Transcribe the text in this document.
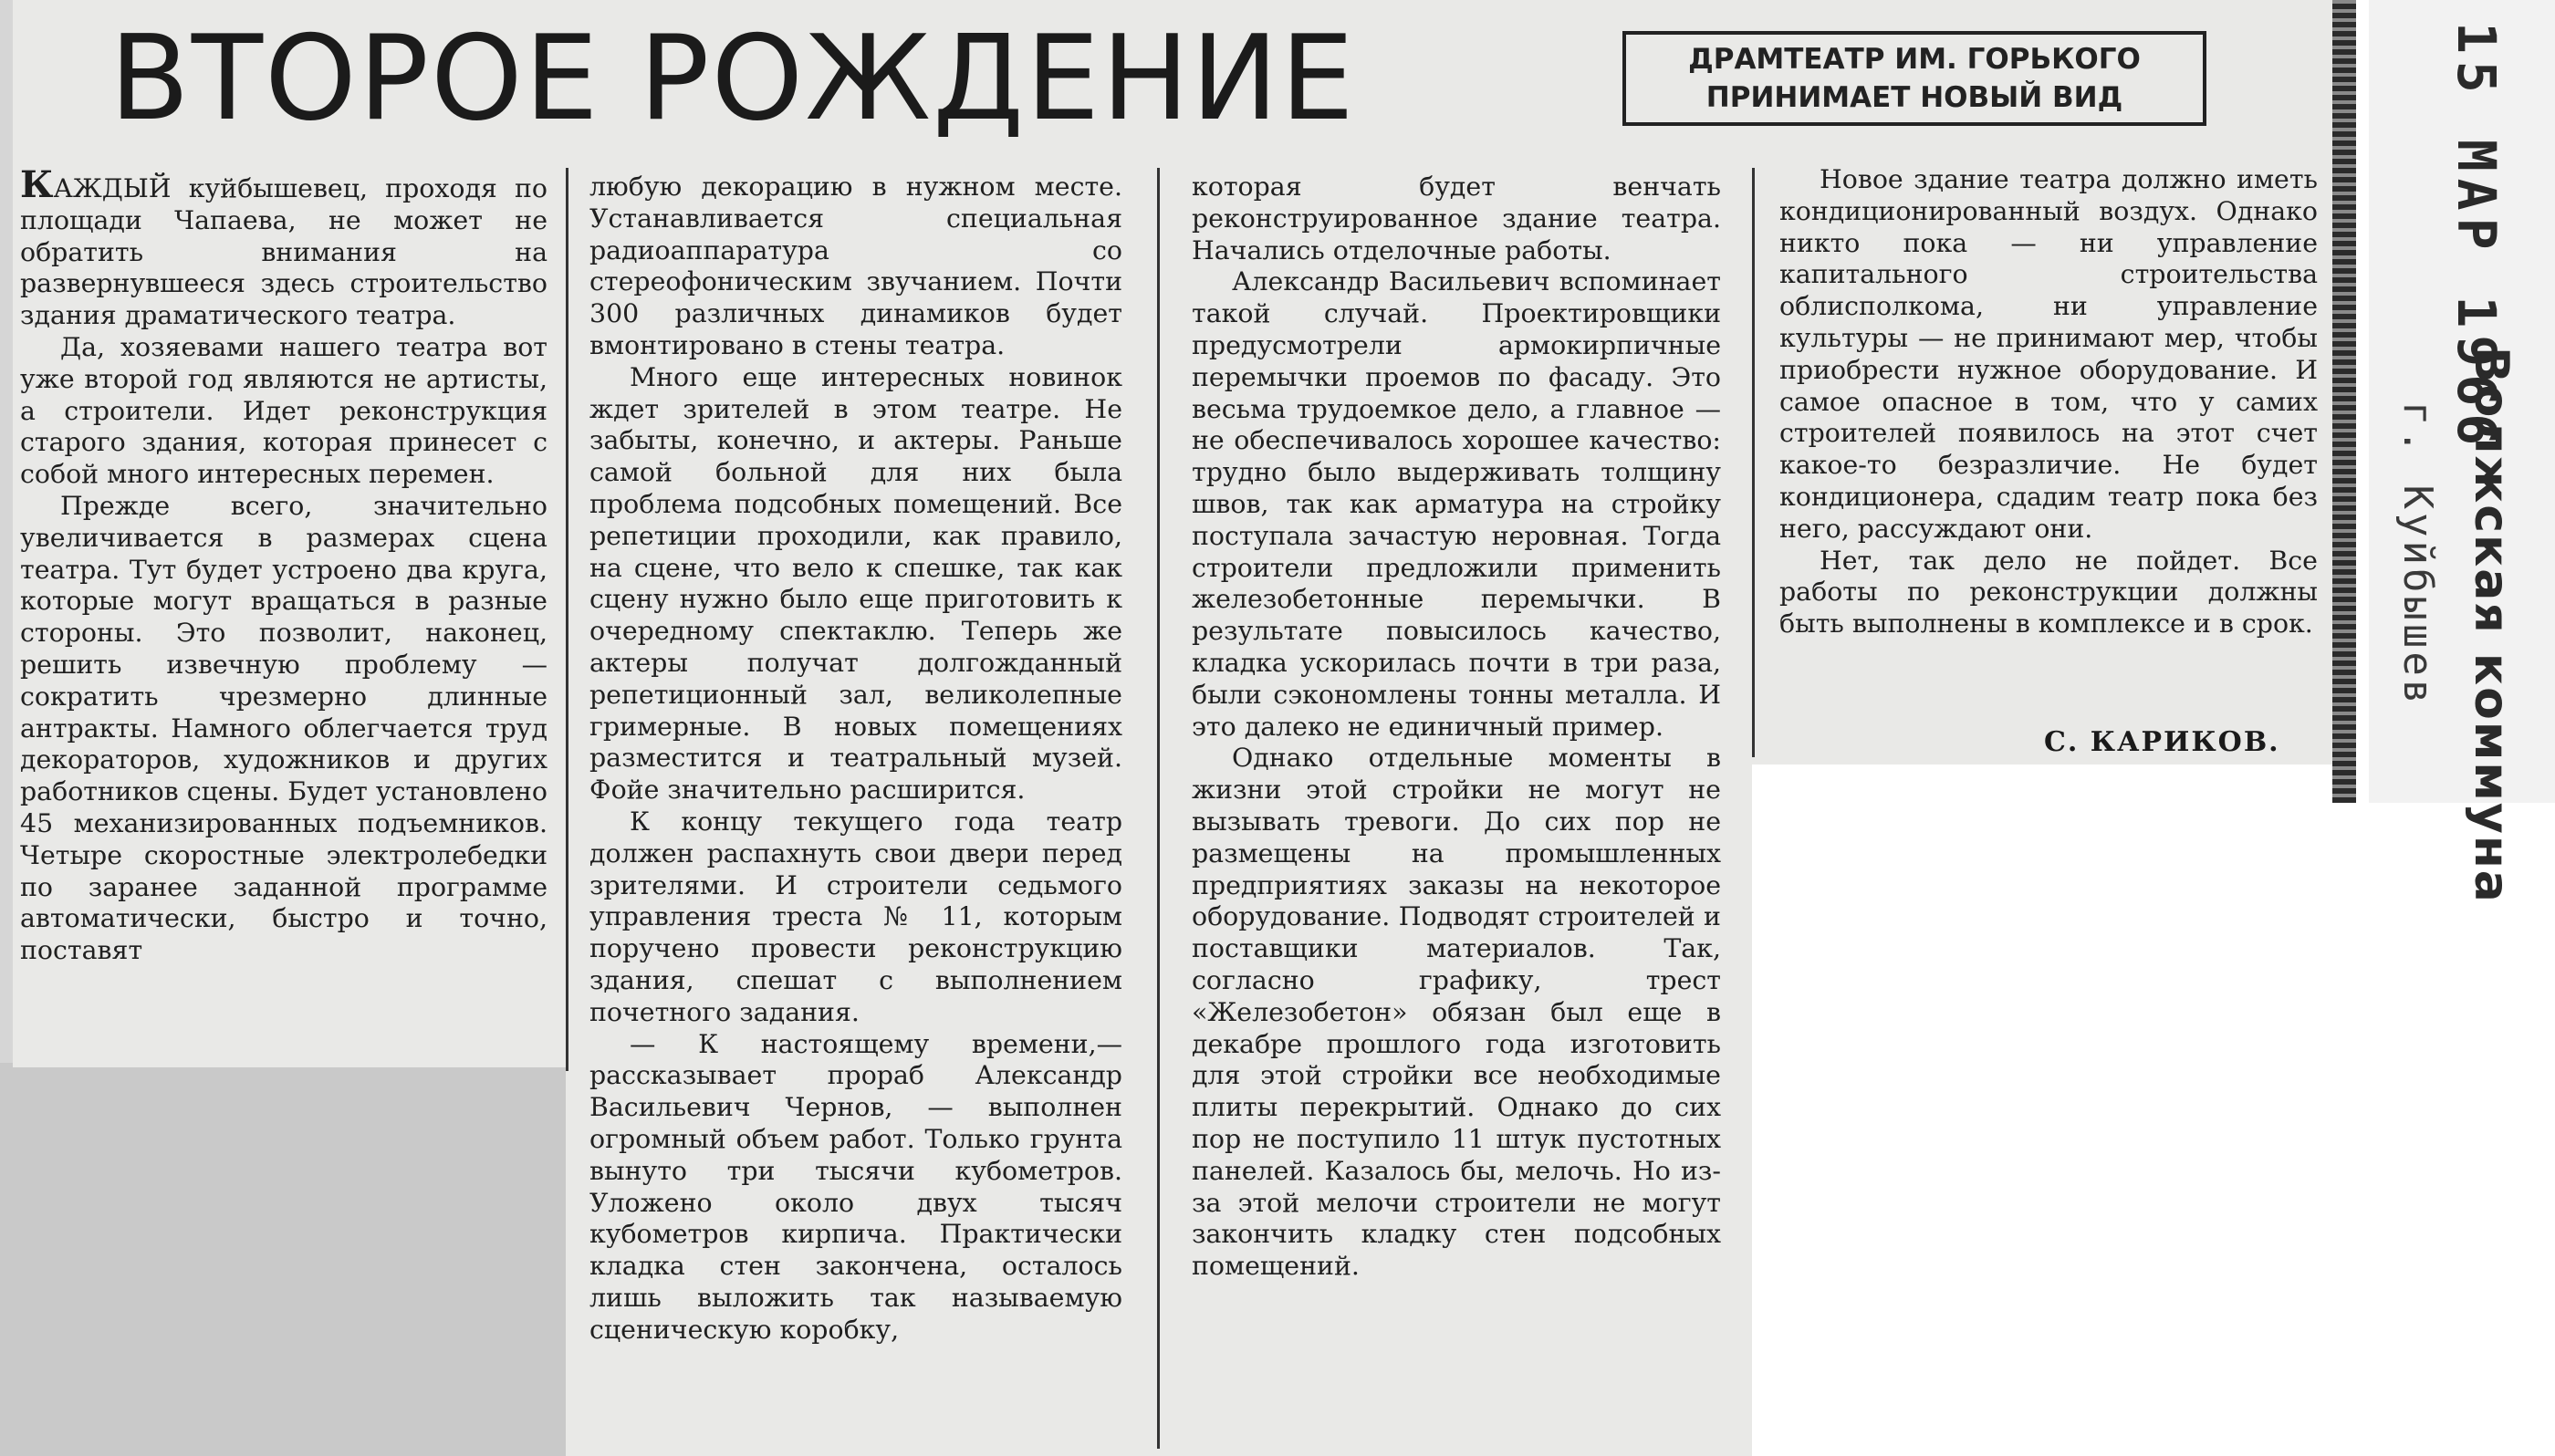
ВТОРОЕ РОЖДЕНИЕ	ДРАМТЕАТР ИМ. ГОРЬКОГО
ПРИНИМАЕТ НОВЫЙ ВИД

КАЖДЫЙ куйбышевец, проходя по площади Чапаева, не может не обратить внимания на развернувшееся здесь строительство здания драматического театра.

Да, хозяевами нашего театра вот уже второй год являются не артисты, а строители. Идет реконструкция старого здания, которая принесет с собой много интересных перемен.

Прежде всего, значительно увеличивается в размерах сцена театра. Тут будет устроено два круга, которые могут вращаться в разные стороны. Это позволит, наконец, решить извечную проблему — сократить чрезмерно длинные антракты. Намного облегчается труд декораторов, художников и других работников сцены. Будет установлено 45 механизированных подъемников. Четыре скоростные электролебедки по заранее заданной программе автоматически, быстро и точно, поставят

любую декорацию в нужном месте. Устанавливается специальная радиоаппаратура со стереофоническим звучанием. Почти 300 различных динамиков будет вмонтировано в стены театра.

Много еще интересных новинок ждет зрителей в этом театре. Не забыты, конечно, и актеры. Раньше самой больной для них была проблема подсобных помещений. Все репетиции проходили, как правило, на сцене, что вело к спешке, так как сцену нужно было еще приготовить к очередному спектаклю. Теперь же актеры получат долгожданный репетиционный зал, великолепные гримерные. В новых помещениях разместится и театральный музей. Фойе значительно расширится.

К концу текущего года театр должен распахнуть свои двери перед зрителями. И строители седьмого управления треста № 11, которым поручено провести реконструкцию здания, спешат с выполнением почетного задания.

— К настоящему времени,— рассказывает прораб Александр Васильевич Чернов, — выполнен огромный объем работ. Только грунта вынуто три тысячи кубометров. Уложено около двух тысяч кубометров кирпича. Практически кладка стен закончена, осталось лишь выложить так называемую сценическую коробку,

которая будет венчать реконструированное здание театра. Начались отделочные работы.

Александр Васильевич вспоминает такой случай. Проектировщики предусмотрели армокирпичные перемычки проемов по фасаду. Это весьма трудоемкое дело, а главное — не обеспечивалось хорошее качество: трудно было выдерживать толщину швов, так как арматура на стройку поступала зачастую неровная. Тогда строители предложили применить железобетонные перемычки. В результате повысилось качество, кладка ускорилась почти в три раза, были сэкономлены тонны металла. И это далеко не единичный пример.

Однако отдельные моменты в жизни этой стройки не могут не вызывать тревоги. До сих пор не размещены на промышленных предприятиях заказы на некоторое оборудование. Подводят строителей и поставщики материалов. Так, согласно графику, трест «Железобетон» обязан был еще в декабре прошлого года изготовить для этой стройки все необходимые плиты перекрытий. Однако до сих пор не поступило 11 штук пустотных панелей. Казалось бы, мелочь. Но из-за этой мелочи строители не могут закончить кладку стен подсобных помещений.

Новое здание театра должно иметь кондиционированный воздух. Однако никто пока — ни управление капитального строительства облисполкома, ни управление культуры — не принимают мер, чтобы приобрести нужное оборудование. И самое опасное в том, что у самих строителей появилось на этот счет какое-то безразличие. Не будет кондиционера, сдадим театр пока без него, рассуждают они.

Нет, так дело не пойдет. Все работы по реконструкции должны быть выполнены в комплексе и в срок.

С. КАРИКОВ.
15 МАР 1966
Волжская коммуна
г. Куйбышев
